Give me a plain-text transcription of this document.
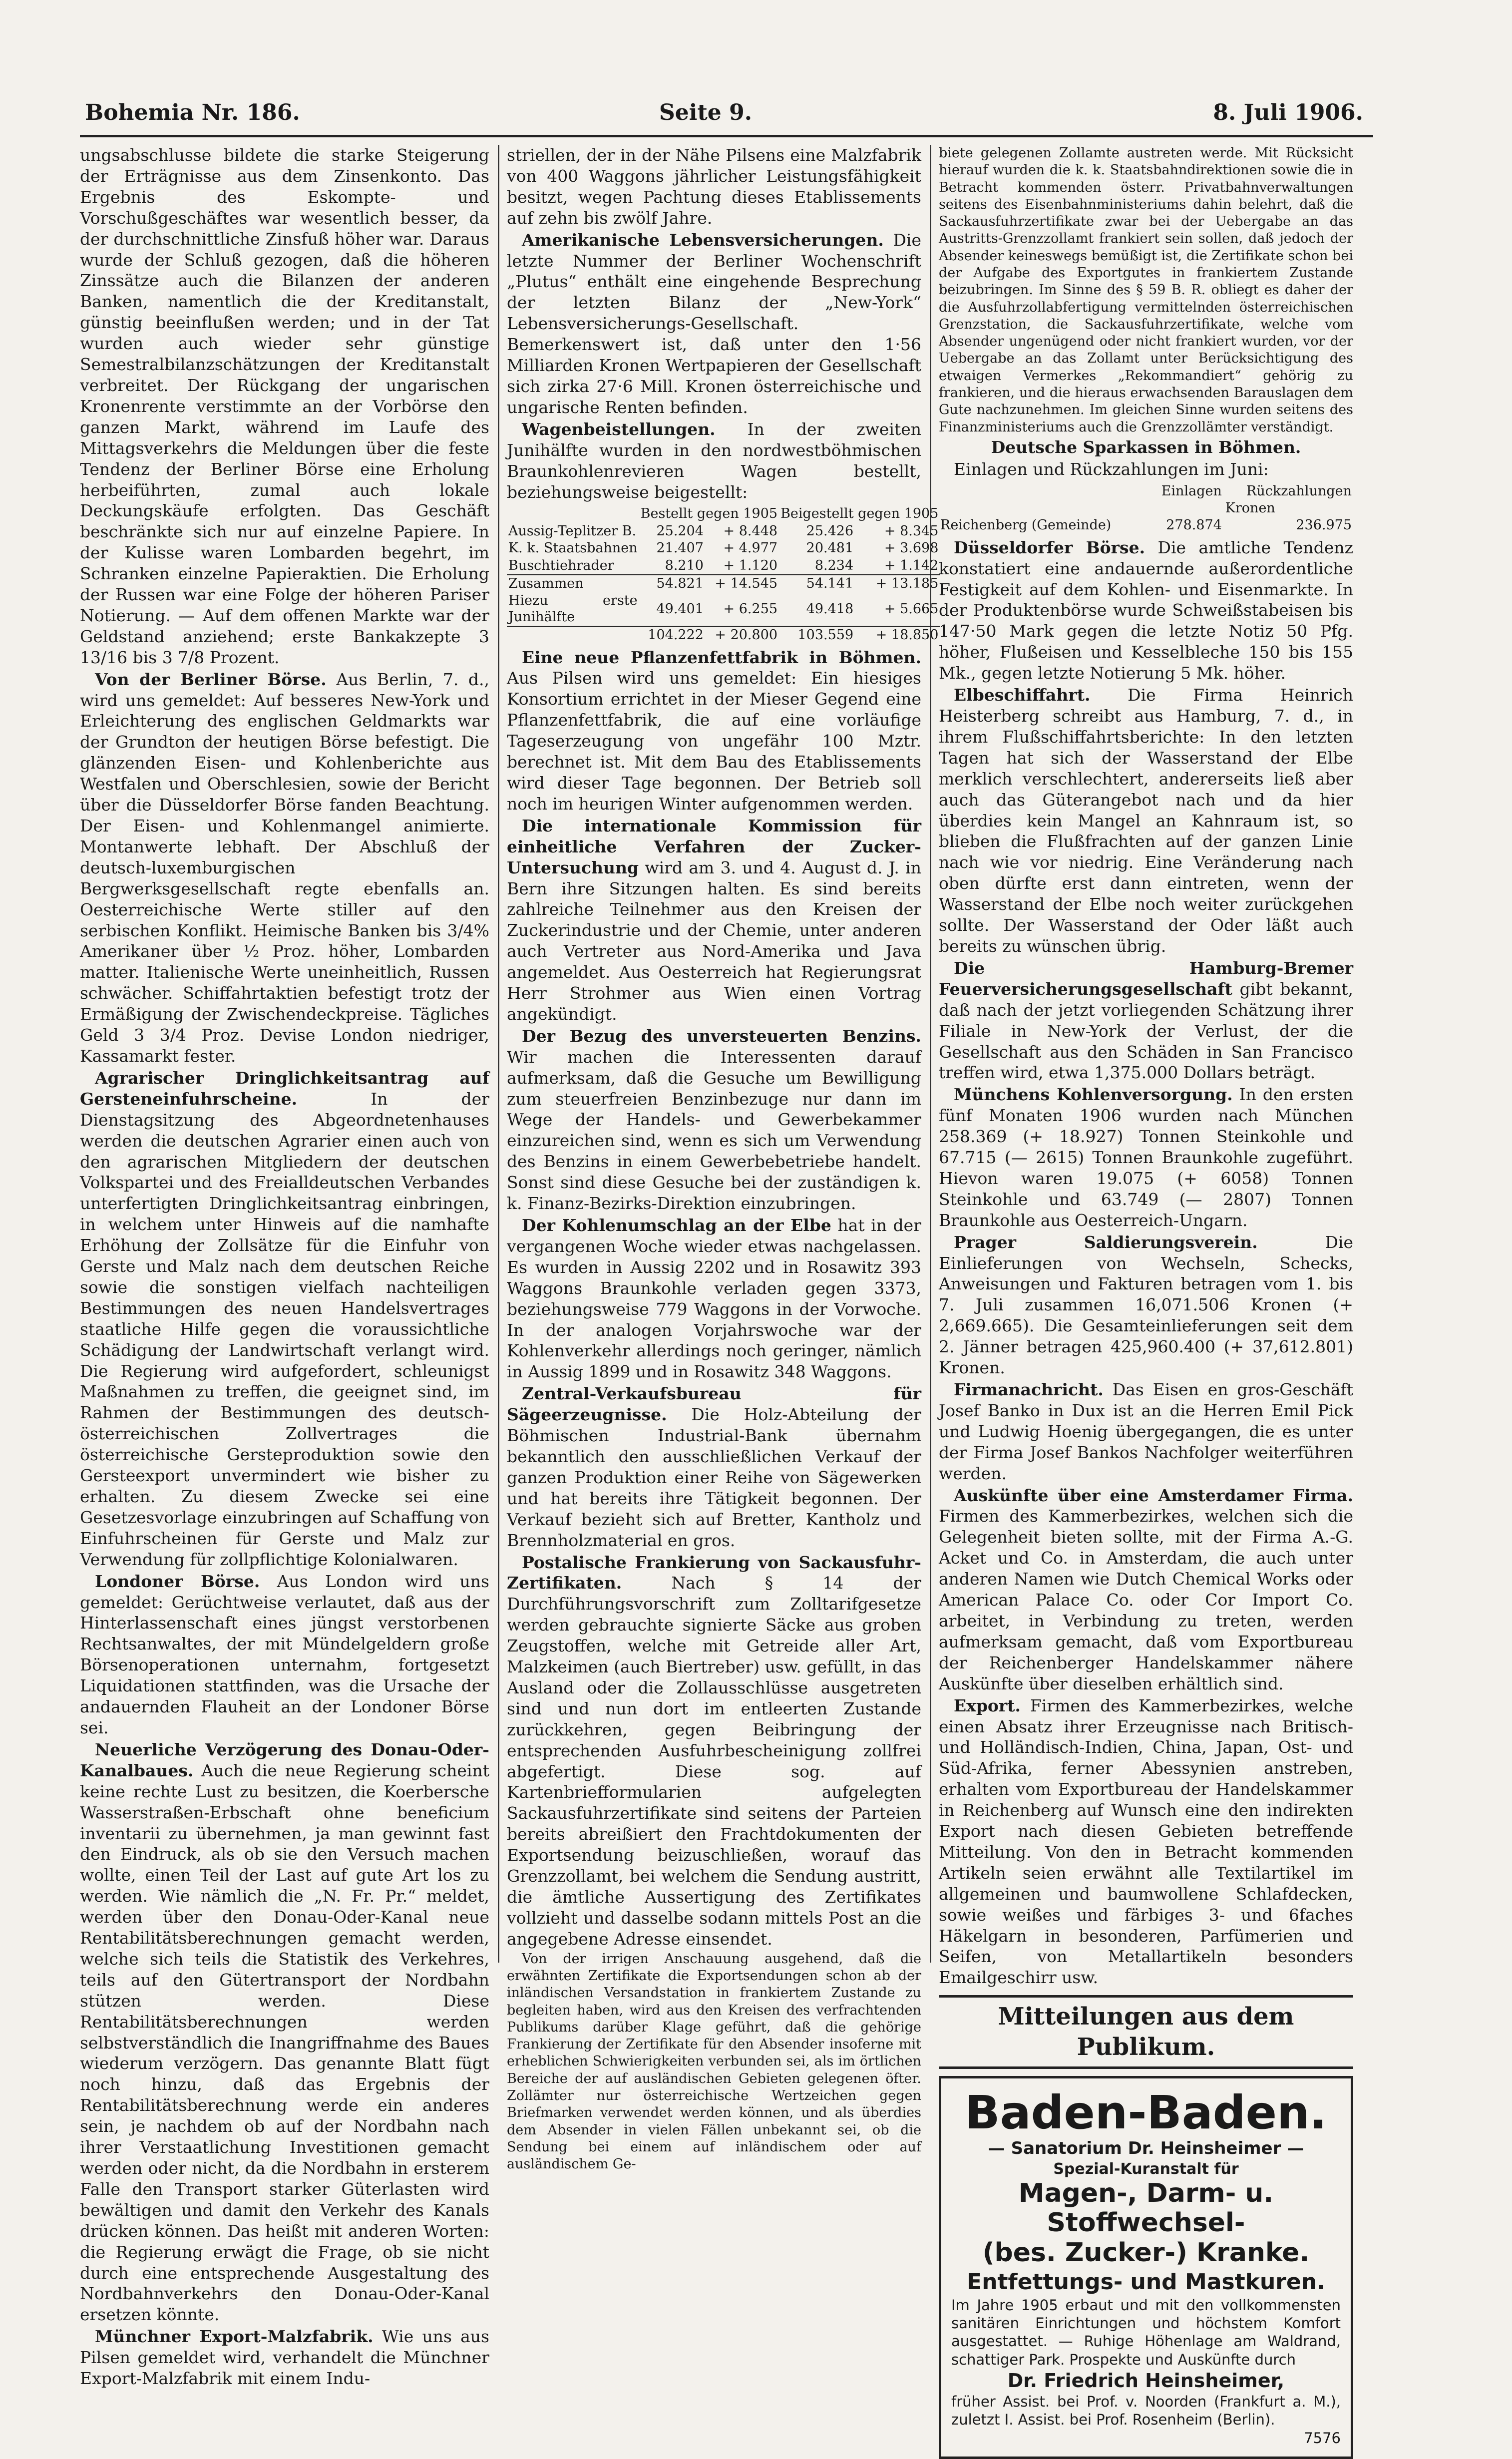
Bohemia Nr. 186.	Seite 9.	8. Juli 1906.

ungsabschlusse bildete die starke Steigerung der Erträgnisse aus dem Zinsenkonto. Das Ergebnis des Eskompte- und Vorschußgeschäftes war wesentlich besser, da der durchschnittliche Zinsfuß höher war. Daraus wurde der Schluß gezogen, daß die höheren Zinssätze auch die Bilanzen der anderen Banken, namentlich die der Kreditanstalt, günstig beeinflußen werden; und in der Tat wurden auch wieder sehr günstige Semestralbilanzschätzungen der Kreditanstalt verbreitet. Der Rückgang der ungarischen Kronenrente verstimmte an der Vorbörse den ganzen Markt, während im Laufe des Mittagsverkehrs die Meldungen über die feste Tendenz der Berliner Börse eine Erholung herbeiführten, zumal auch lokale Deckungskäufe erfolgten. Das Geschäft beschränkte sich nur auf einzelne Papiere. In der Kulisse waren Lombarden begehrt, im Schranken einzelne Papieraktien. Die Erholung der Russen war eine Folge der höheren Pariser Notierung. — Auf dem offenen Markte war der Geldstand anziehend; erste Bankakzepte 3 13/16 bis 3 7/8 Prozent.

Von der Berliner Börse. Aus Berlin, 7. d., wird uns gemeldet: Auf besseres New-York und Erleichterung des englischen Geldmarkts war der Grundton der heutigen Börse befestigt. Die glänzenden Eisen- und Kohlenberichte aus Westfalen und Oberschlesien, sowie der Bericht über die Düsseldorfer Börse fanden Beachtung. Der Eisen- und Kohlenmangel animierte. Montanwerte lebhaft. Der Abschluß der deutsch-luxemburgischen Bergwerksgesellschaft regte ebenfalls an. Oesterreichische Werte stiller auf den serbischen Konflikt. Heimische Banken bis 3/4% Amerikaner über ½ Proz. höher, Lombarden matter. Italienische Werte uneinheitlich, Russen schwächer. Schiffahrtaktien befestigt trotz der Ermäßigung der Zwischendeckpreise. Tägliches Geld 3 3/4 Proz. Devise London niedriger, Kassamarkt fester.

Agrarischer Dringlichkeitsantrag auf Gersteneinfuhrscheine.	In der Dienstagsitzung des Abgeordnetenhauses werden die deutschen Agrarier einen auch von den agrarischen Mitgliedern der deutschen Volkspartei und des Freialldeutschen Verbandes unterfertigten Dringlichkeitsantrag einbringen, in welchem unter Hinweis auf die namhafte Erhöhung der Zollsätze für die Einfuhr von Gerste und Malz nach dem deutschen Reiche sowie die sonstigen vielfach nachteiligen Bestimmungen des neuen Handelsvertrages staatliche Hilfe gegen die voraussichtliche Schädigung der Landwirtschaft verlangt wird. Die Regierung wird aufgefordert, schleunigst Maßnahmen zu treffen, die geeignet sind, im Rahmen der Bestimmungen des deutsch-österreichischen Zollvertrages die österreichische Gersteproduktion sowie den Gersteexport unvermindert wie bisher zu erhalten. Zu diesem Zwecke sei eine Gesetzesvorlage einzubringen auf Schaffung von Einfuhrscheinen für Gerste und Malz zur Verwendung für zollpflichtige Kolonialwaren.

Londoner Börse. Aus London wird uns gemeldet: Gerüchtweise verlautet, daß aus der Hinterlassenschaft eines jüngst verstorbenen Rechtsanwaltes, der mit Mündelgeldern große Börsenoperationen unternahm, fortgesetzt Liquidationen stattfinden, was die Ursache der andauernden Flauheit an der Londoner Börse sei.

Neuerliche Verzögerung des Donau-Oder-Kanalbaues. Auch die neue Regierung scheint keine rechte Lust zu besitzen, die Koerbersche Wasserstraßen-Erbschaft ohne beneficium inventarii zu übernehmen, ja man gewinnt fast den Eindruck, als ob sie den Versuch machen wollte, einen Teil der Last auf gute Art los zu werden. Wie nämlich die „N. Fr. Pr.“ meldet, werden über den Donau-Oder-Kanal neue Rentabilitätsberechnungen gemacht werden, welche sich teils die Statistik des Verkehres, teils auf den Gütertransport der Nordbahn stützen werden. Diese Rentabilitätsberechnungen werden selbstverständlich die Inangriffnahme des Baues wiederum verzögern. Das genannte Blatt fügt noch hinzu, daß das Ergebnis der Rentabilitätsberechnung werde ein anderes sein, je nachdem ob auf der Nordbahn nach ihrer Verstaatlichung Investitionen gemacht werden oder nicht, da die Nordbahn in ersterem Falle den Transport starker Güterlasten wird bewältigen und damit den Verkehr des Kanals drücken können. Das heißt mit anderen Worten: die Regierung erwägt die Frage, ob sie nicht durch eine entsprechende Ausgestaltung des Nordbahnverkehrs den Donau-Oder-Kanal ersetzen könnte.

Münchner Export-Malzfabrik. Wie uns aus Pilsen gemeldet wird, verhandelt die Münchner Export-Malzfabrik mit einem Indu-

striellen, der in der Nähe Pilsens eine Malzfabrik von 400 Waggons jährlicher Leistungsfähigkeit besitzt, wegen Pachtung dieses Etablissements auf zehn bis zwölf Jahre.

Amerikanische Lebensversicherungen. Die letzte Nummer der Berliner Wochenschrift „Plutus“ enthält eine eingehende Besprechung der letzten Bilanz der „New-York“ Lebensversicherungs-Gesellschaft. Bemerkenswert ist, daß unter den 1·56 Milliarden Kronen Wertpapieren der Gesellschaft sich zirka 27·6 Mill. Kronen österreichische und ungarische Renten befinden.

Wagenbeistellungen. In der zweiten Junihälfte wurden in den nordwestböhmischen Braunkohlenrevieren Wagen bestellt, beziehungsweise beigestellt:

	Bestellt gegen 1905		Beigestellt gegen 1905	
Aussig-Teplitzer B.	25.204	+ 8.448	25.426	+ 8.345
K. k. Staatsbahnen	21.407	+ 4.977	20.481	+ 3.698
Buschtiehrader	8.210	+ 1.120	8.234	+ 1.142
Zusammen	54.821	+ 14.545	54.141	+ 13.185
Hiezu erste Junihälfte	49.401	+ 6.255	49.418	+ 5.665
	104.222	+ 20.800	103.559	+ 18.850

Eine neue Pflanzenfettfabrik in Böhmen. Aus Pilsen wird uns gemeldet: Ein hiesiges Konsortium errichtet in der Mieser Gegend eine Pflanzenfettfabrik, die auf eine vorläufige Tageserzeugung von ungefähr 100 Mztr. berechnet ist. Mit dem Bau des Etablissements wird dieser Tage begonnen. Der Betrieb soll noch im heurigen Winter aufgenommen werden.

Die internationale Kommission für einheitliche Verfahren der Zucker-Untersuchung wird am 3. und 4. August d. J. in Bern ihre Sitzungen halten. Es sind bereits zahlreiche Teilnehmer aus den Kreisen der Zuckerindustrie und der Chemie, unter anderen auch Vertreter aus Nord-Amerika und Java angemeldet. Aus Oesterreich hat Regierungsrat Herr Strohmer aus Wien einen Vortrag angekündigt.

Der Bezug des unversteuerten Benzins. Wir machen die Interessenten darauf aufmerksam, daß die Gesuche um Bewilligung zum steuerfreien Benzinbezuge nur dann im Wege der Handels- und Gewerbekammer einzureichen sind, wenn es sich um Verwendung des Benzins in einem Gewerbebetriebe handelt. Sonst sind diese Gesuche bei der zuständigen k. k. Finanz-Bezirks-Direktion einzubringen.

Der Kohlenumschlag an der Elbe hat in der vergangenen Woche wieder etwas nachgelassen. Es wurden in Aussig 2202 und in Rosawitz 393 Waggons Braunkohle verladen gegen 3373, beziehungsweise 779 Waggons in der Vorwoche. In der analogen Vorjahrswoche war der Kohlenverkehr allerdings noch geringer, nämlich in Aussig 1899 und in Rosawitz 348 Waggons.

Zentral-Verkaufsbureau für Sägeerzeugnisse. Die Holz-Abteilung der Böhmischen Industrial-Bank übernahm bekanntlich den ausschließlichen Verkauf der ganzen Produktion einer Reihe von Sägewerken und hat bereits ihre Tätigkeit begonnen. Der Verkauf bezieht sich auf Bretter, Kantholz und Brennholzmaterial en gros.

Postalische Frankierung von Sackausfuhr-Zertifikaten.	Nach § 14 der Durchführungsvorschrift zum Zolltarifgesetze werden gebrauchte signierte Säcke aus groben Zeugstoffen, welche mit Getreide aller Art, Malzkeimen (auch Biertreber) usw. gefüllt, in das Ausland oder die Zollausschlüsse ausgetreten sind und nun dort im entleerten Zustande zurückkehren, gegen Beibringung der entsprechenden Ausfuhrbescheinigung zollfrei abgefertigt. Diese sog. auf Kartenbriefformularien aufgelegten Sackausfuhrzertifikate sind seitens der Parteien bereits abreißiert den Frachtdokumenten der Exportsendung beizuschließen, worauf das Grenzzollamt, bei welchem die Sendung austritt, die ämtliche Aussertigung des Zertifikates vollzieht und dasselbe sodann mittels Post an die angegebene Adresse einsendet.

Von der irrigen Anschauung ausgehend, daß die erwähnten Zertifikate die Exportsendungen schon ab der inländischen Versandstation in frankiertem Zustande zu begleiten haben, wird aus den Kreisen des verfrachtenden Publikums darüber Klage geführt, daß die gehörige Frankierung der Zertifikate für den Absender insoferne mit erheblichen Schwierigkeiten verbunden sei, als im örtlichen Bereiche der auf ausländischen Gebieten gelegenen öfter. Zollämter nur österreichische Wertzeichen gegen Briefmarken verwendet werden können, und als überdies dem Absender in vielen Fällen unbekannt sei, ob die Sendung bei einem auf inländischem oder auf ausländischem Ge-

biete gelegenen Zollamte austreten werde. Mit Rücksicht hierauf wurden die k. k. Staatsbahndirektionen sowie die in Betracht kommenden österr. Privatbahnverwaltungen seitens des Eisenbahnministeriums dahin belehrt, daß die Sackausfuhrzertifikate zwar bei der Uebergabe an das Austritts-Grenzzollamt frankiert sein sollen, daß jedoch der Absender keineswegs bemüßigt ist, die Zertifikate schon bei der Aufgabe des Exportgutes in frankiertem Zustande beizubringen. Im Sinne des § 59 B. R. obliegt es daher der die Ausfuhrzollabfertigung vermittelnden österreichischen Grenzstation, die Sackausfuhrzertifikate, welche vom Absender ungenügend oder nicht frankiert wurden, vor der Uebergabe an das Zollamt unter Berücksichtigung des etwaigen Vermerkes „Rekommandiert“ gehörig zu frankieren, und die hieraus erwachsenden Barauslagen dem Gute nachzunehmen. Im gleichen Sinne wurden seitens des Finanzministeriums auch die Grenzzollämter verständigt.

Deutsche Sparkassen in Böhmen.

Einlagen und Rückzahlungen im Juni:

	Einlagen	Rückzahlungen
	Kronen	
Reichenberg (Gemeinde)	278.874	236.975

Düsseldorfer Börse. Die amtliche Tendenz konstatiert eine andauernde außerordentliche Festigkeit auf dem Kohlen- und Eisenmarkte. In der Produktenbörse wurde Schweißstabeisen bis 147·50 Mark gegen die letzte Notiz 50 Pfg. höher, Flußeisen und Kesselbleche 150 bis 155 Mk., gegen letzte Notierung 5 Mk. höher.

Elbeschiffahrt. Die Firma Heinrich Heisterberg schreibt aus Hamburg, 7. d., in ihrem Flußschiffahrtsberichte: In den letzten Tagen hat sich der Wasserstand der Elbe merklich verschlechtert, andererseits ließ aber auch das Güterangebot nach und da hier überdies kein Mangel an Kahnraum ist, so blieben die Flußfrachten auf der ganzen Linie nach wie vor niedrig. Eine Veränderung nach oben dürfte erst dann eintreten, wenn der Wasserstand der Elbe noch weiter zurückgehen sollte. Der Wasserstand der Oder läßt auch bereits zu wünschen übrig.

Die Hamburg-Bremer Feuerversicherungsgesellschaft gibt bekannt, daß nach der jetzt vorliegenden Schätzung ihrer Filiale in New-York der Verlust, der die Gesellschaft aus den Schäden in San Francisco treffen wird, etwa 1,375.000 Dollars beträgt.

Münchens Kohlenversorgung. In den ersten fünf Monaten 1906 wurden nach München 258.369 (+ 18.927) Tonnen Steinkohle und 67.715 (— 2615) Tonnen Braunkohle zugeführt. Hievon waren 19.075 (+ 6058) Tonnen Steinkohle und 63.749 (— 2807) Tonnen Braunkohle aus Oesterreich-Ungarn.

Prager Saldierungsverein.	Die Einlieferungen von Wechseln, Schecks, Anweisungen und Fakturen betragen vom 1. bis 7. Juli zusammen 16,071.506 Kronen (+ 2,669.665). Die Gesamteinlieferungen seit dem 2. Jänner betragen 425,960.400 (+ 37,612.801) Kronen.

Firmanachricht. Das Eisen en gros-Geschäft Josef Banko in Dux ist an die Herren Emil Pick und Ludwig Hoenig übergegangen, die es unter der Firma Josef Bankos Nachfolger weiterführen werden.

Auskünfte über eine Amsterdamer Firma. Firmen des Kammerbezirkes, welchen sich die Gelegenheit bieten sollte, mit der Firma A.-G. Acket und Co. in Amsterdam, die auch unter anderen Namen wie Dutch Chemical Works oder American Palace Co. oder Cor Import Co. arbeitet, in Verbindung zu treten, werden aufmerksam gemacht, daß vom Exportbureau der Reichenberger Handelskammer nähere Auskünfte über dieselben erhältlich sind.

Export. Firmen des Kammerbezirkes, welche einen Absatz ihrer Erzeugnisse nach Britisch- und Holländisch-Indien, China, Japan, Ost- und Süd-Afrika, ferner Abessynien anstreben, erhalten vom Exportbureau der Handelskammer in Reichenberg auf Wunsch eine den indirekten Export nach diesen Gebieten betreffende Mitteilung. Von den in Betracht kommenden Artikeln seien erwähnt alle Textilartikel im allgemeinen und baumwollene Schlafdecken, sowie weißes und färbiges 3- und 6faches Häkelgarn in besonderen, Parfümerien und Seifen, von Metallartikeln besonders Emailgeschirr usw.

Mitteilungen aus dem Publikum.
Baden-Baden.
— Sanatorium Dr. Heinsheimer —
Spezial-Kuranstalt für
Magen-, Darm- u. Stoffwechsel-
(bes. Zucker-) Kranke.
Entfettungs- und Mastkuren.
Im Jahre 1905 erbaut und mit den vollkommensten sanitären Einrichtungen und höchstem Komfort ausgestattet. — Ruhige Höhenlage am Waldrand, schattiger Park. Prospekte und Auskünfte durch
Dr. Friedrich Heinsheimer,
früher Assist. bei Prof. v. Noorden (Frankfurt a. M.), zuletzt I. Assist. bei Prof. Rosenheim (Berlin).
7576
